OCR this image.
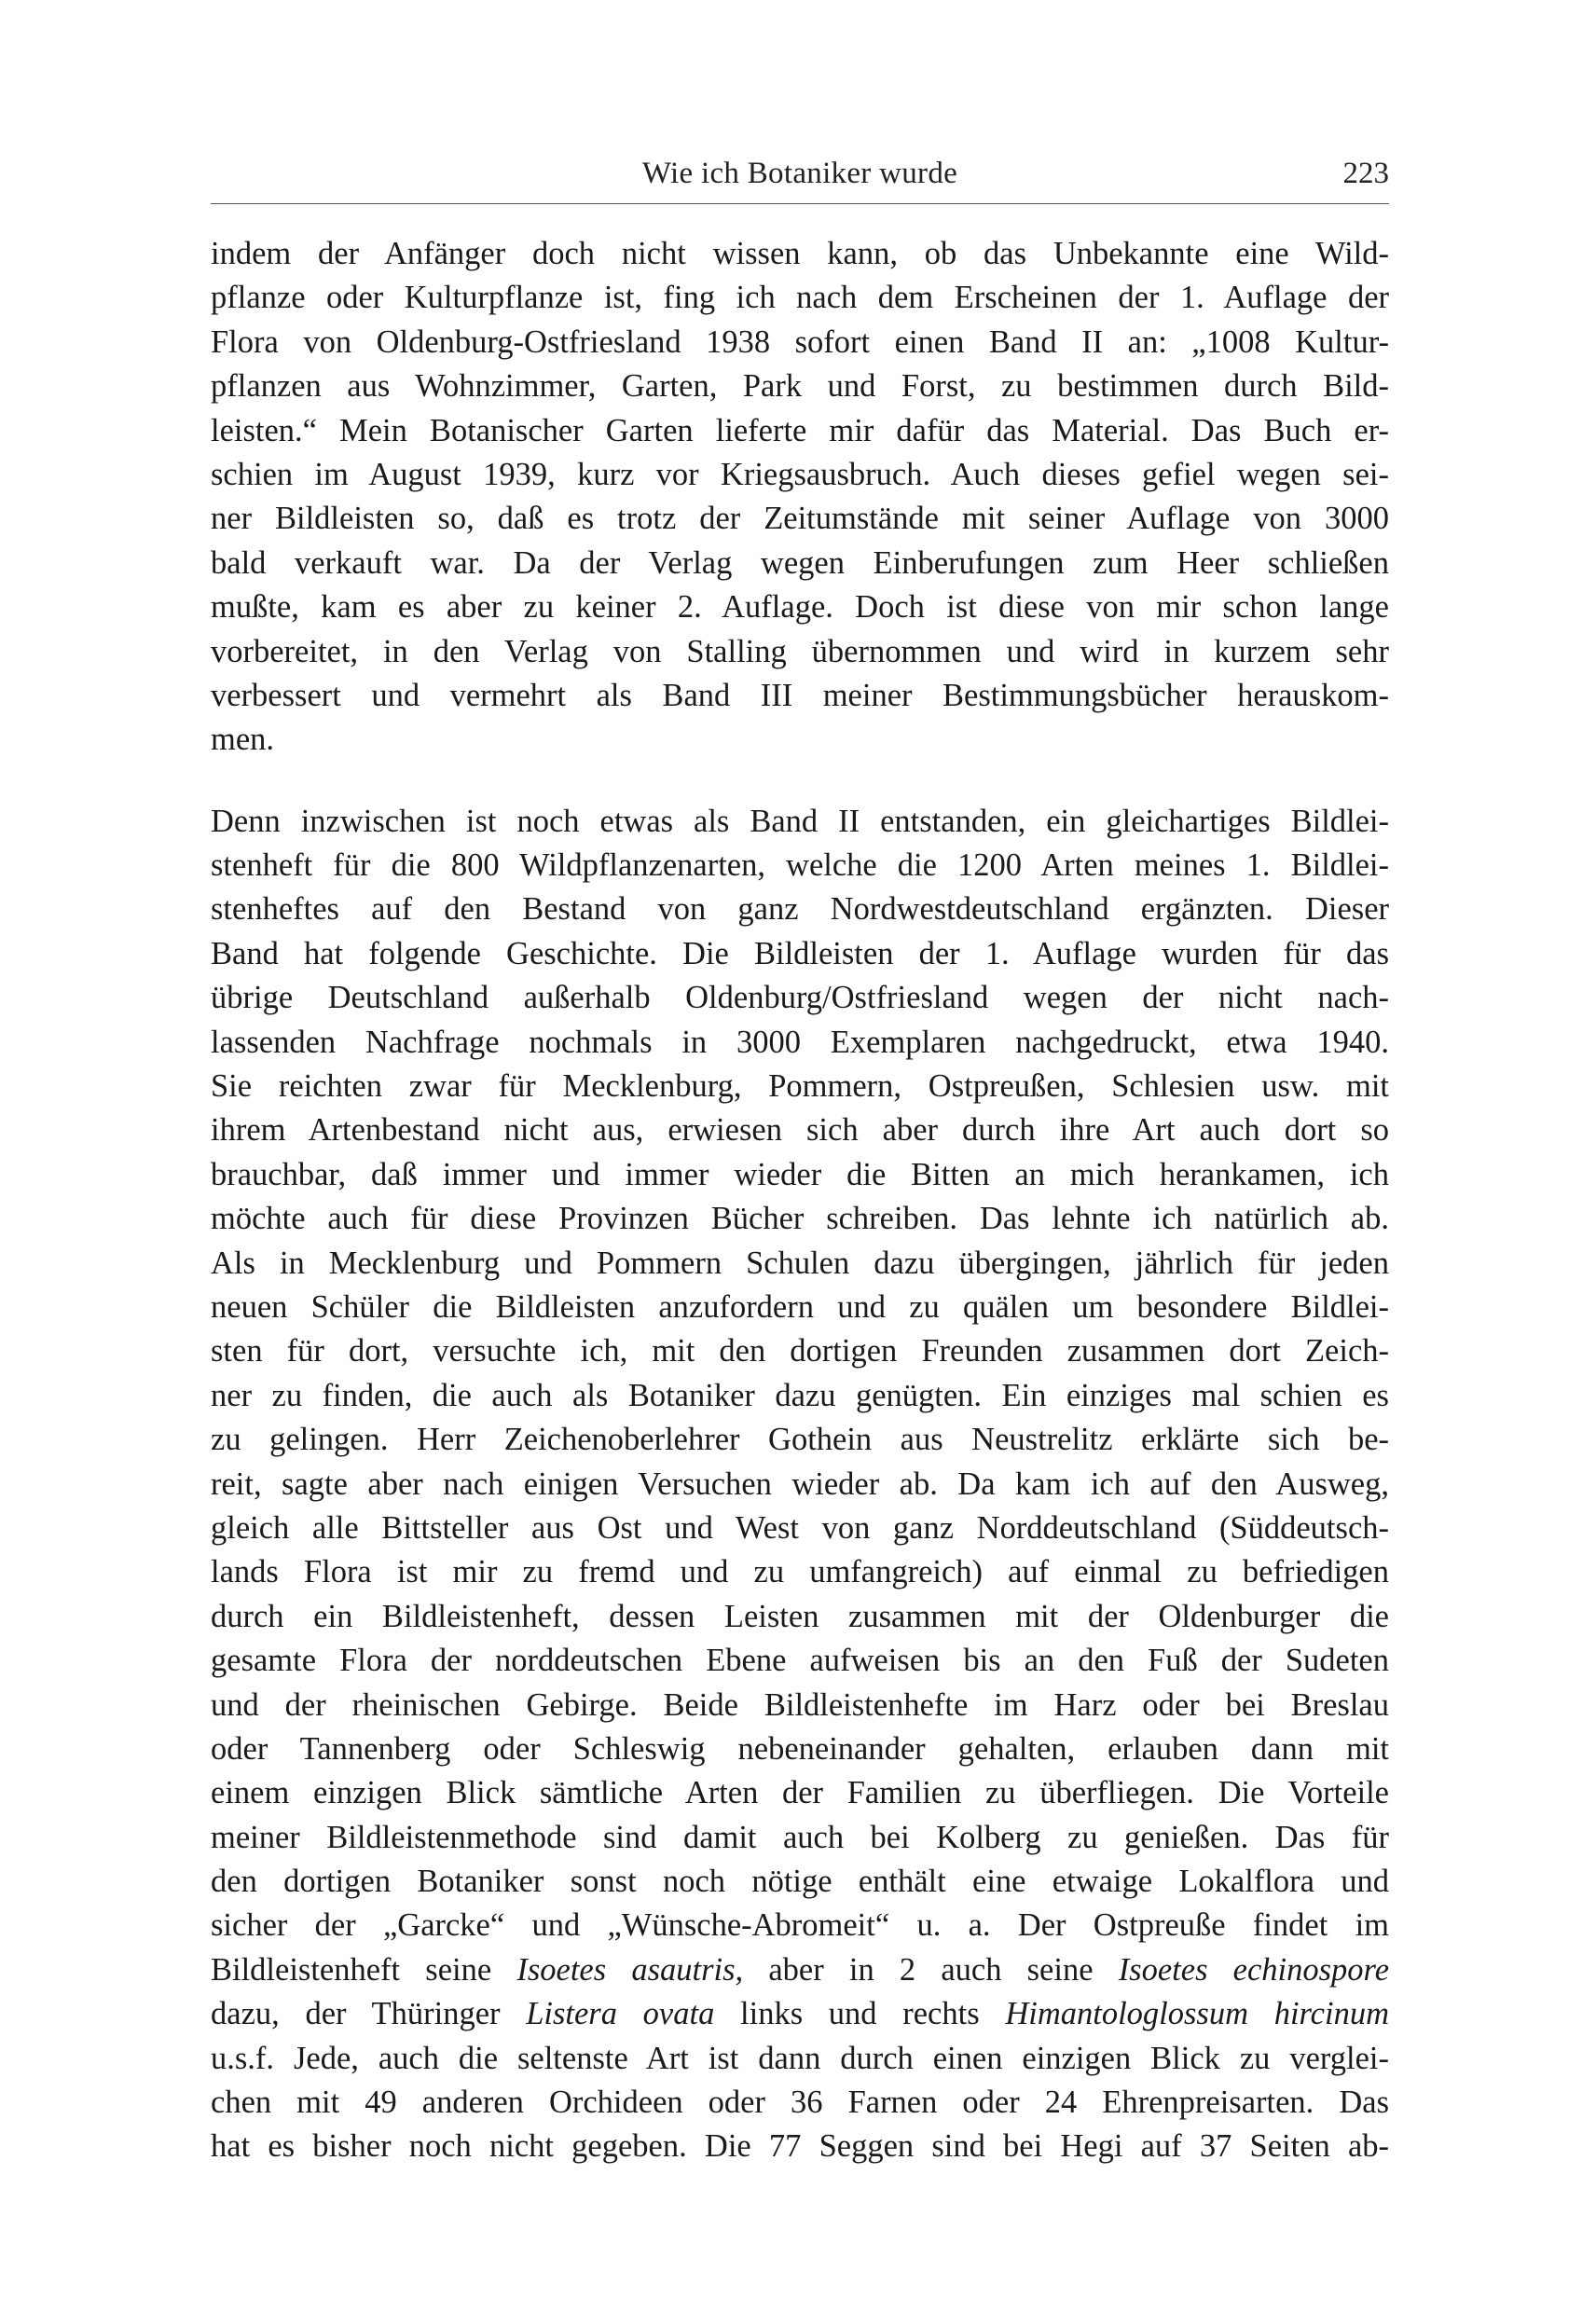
Wie ich Botaniker wurde	223

indem der Anfänger doch nicht wissen kann, ob das Unbekannte eine Wild-
pflanze oder Kulturpflanze ist, fing ich nach dem Erscheinen der 1. Auflage der
Flora von Oldenburg-Ostfriesland 1938 sofort einen Band II an: „1008 Kultur-
pflanzen aus Wohnzimmer, Garten, Park und Forst, zu bestimmen durch Bild-
leisten.“ Mein Botanischer Garten lieferte mir dafür das Material. Das Buch er-
schien im August 1939, kurz vor Kriegsausbruch. Auch dieses gefiel wegen sei-
ner Bildleisten so, daß es trotz der Zeitumstände mit seiner Auflage von 3000
bald verkauft war. Da der Verlag wegen Einberufungen zum Heer schließen
mußte, kam es aber zu keiner 2. Auflage. Doch ist diese von mir schon lange
vorbereitet, in den Verlag von Stalling übernommen und wird in kurzem sehr
verbessert und vermehrt als Band III meiner Bestimmungsbücher herauskom-
men.

Denn inzwischen ist noch etwas als Band II entstanden, ein gleichartiges Bildlei-
stenheft für die 800 Wildpflanzenarten, welche die 1200 Arten meines 1. Bildlei-
stenheftes auf den Bestand von ganz Nordwestdeutschland ergänzten. Dieser
Band hat folgende Geschichte. Die Bildleisten der 1. Auflage wurden für das
übrige Deutschland außerhalb Oldenburg/Ostfriesland wegen der nicht nach-
lassenden Nachfrage nochmals in 3000 Exemplaren nachgedruckt, etwa 1940.
Sie reichten zwar für Mecklenburg, Pommern, Ostpreußen, Schlesien usw. mit
ihrem Artenbestand nicht aus, erwiesen sich aber durch ihre Art auch dort so
brauchbar, daß immer und immer wieder die Bitten an mich herankamen, ich
möchte auch für diese Provinzen Bücher schreiben. Das lehnte ich natürlich ab.
Als in Mecklenburg und Pommern Schulen dazu übergingen, jährlich für jeden
neuen Schüler die Bildleisten anzufordern und zu quälen um besondere Bildlei-
sten für dort, versuchte ich, mit den dortigen Freunden zusammen dort Zeich-
ner zu finden, die auch als Botaniker dazu genügten. Ein einziges mal schien es
zu gelingen. Herr Zeichenoberlehrer Gothein aus Neustrelitz erklärte sich be-
reit, sagte aber nach einigen Versuchen wieder ab. Da kam ich auf den Ausweg,
gleich alle Bittsteller aus Ost und West von ganz Norddeutschland (Süddeutsch-
lands Flora ist mir zu fremd und zu umfangreich) auf einmal zu befriedigen
durch ein Bildleistenheft, dessen Leisten zusammen mit der Oldenburger die
gesamte Flora der norddeutschen Ebene aufweisen bis an den Fuß der Sudeten
und der rheinischen Gebirge. Beide Bildleistenhefte im Harz oder bei Breslau
oder Tannenberg oder Schleswig nebeneinander gehalten, erlauben dann mit
einem einzigen Blick sämtliche Arten der Familien zu überfliegen. Die Vorteile
meiner Bildleistenmethode sind damit auch bei Kolberg zu genießen. Das für
den dortigen Botaniker sonst noch nötige enthält eine etwaige Lokalflora und
sicher der „Garcke“ und „Wünsche-Abromeit“ u. a. Der Ostpreuße findet im
Bildleistenheft seine Isoetes asautris, aber in 2 auch seine Isoetes echinospore
dazu, der Thüringer Listera ovata links und rechts Himantologlossum hircinum
u.s.f. Jede, auch die seltenste Art ist dann durch einen einzigen Blick zu verglei-
chen mit 49 anderen Orchideen oder 36 Farnen oder 24 Ehrenpreisarten. Das
hat es bisher noch nicht gegeben. Die 77 Seggen sind bei Hegi auf 37 Seiten ab-
